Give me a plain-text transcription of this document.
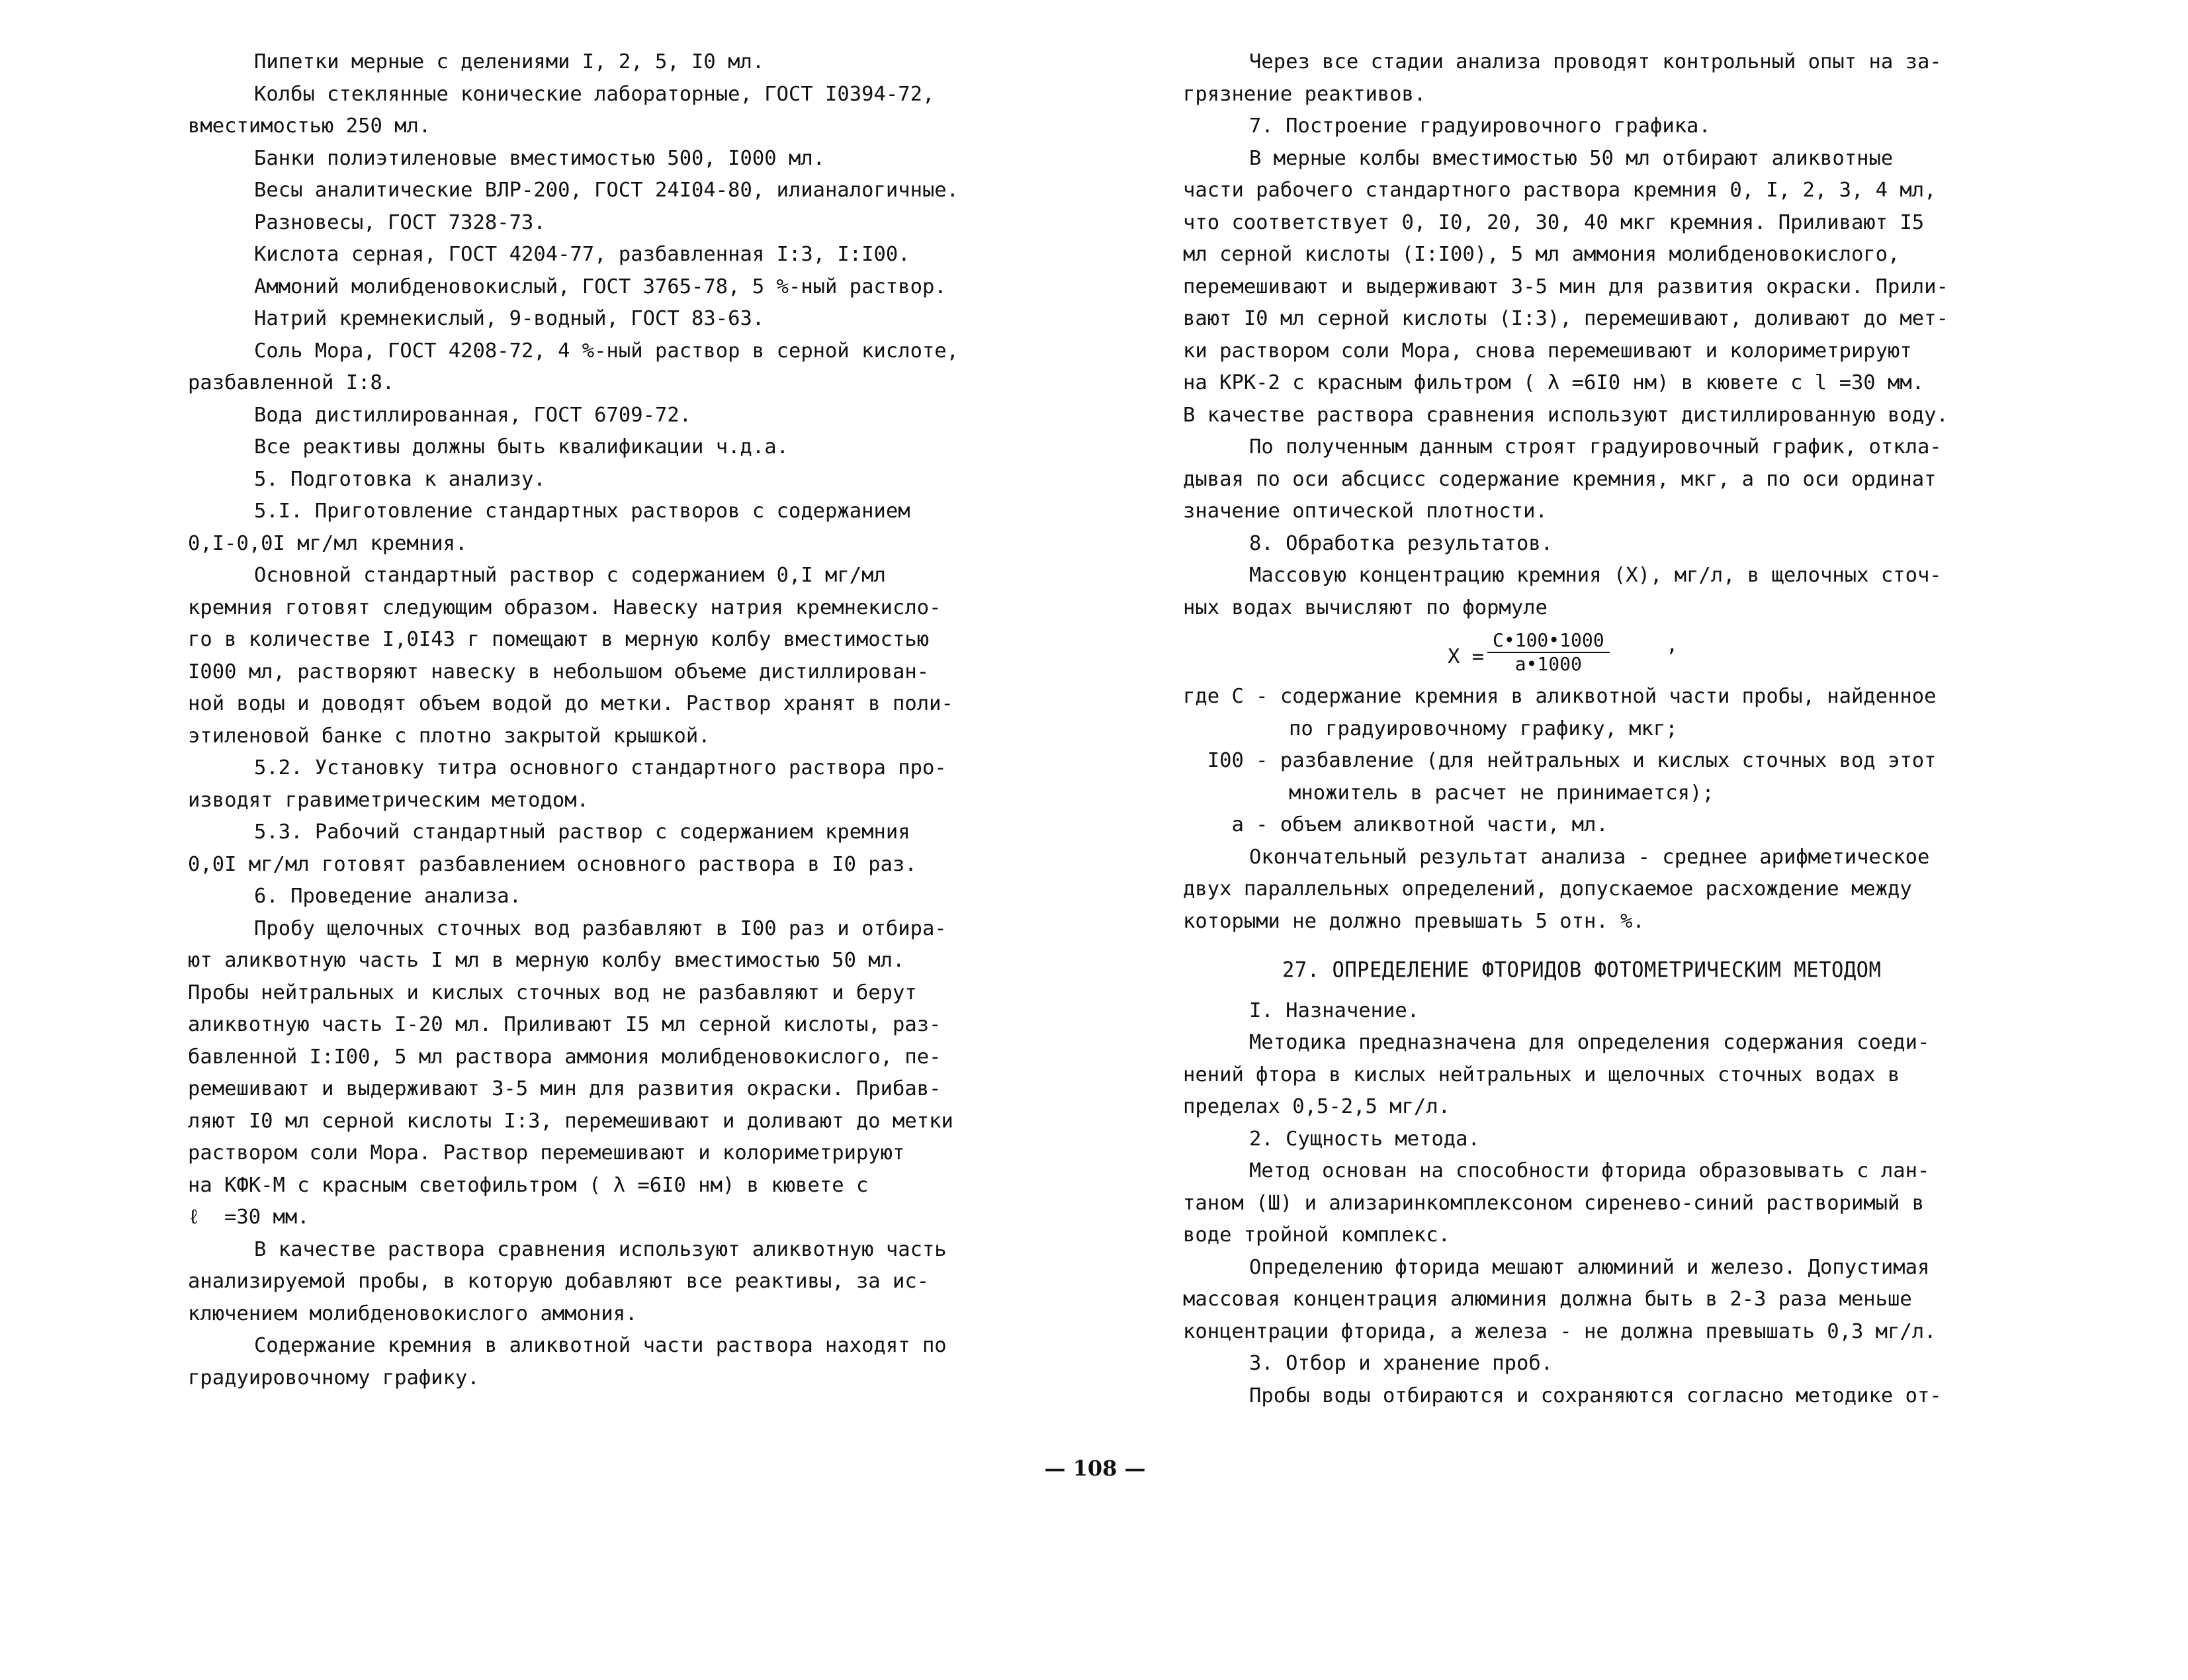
Пипетки мерные с делениями I, 2, 5, I0 мл.
Колбы стеклянные конические лабораторные, ГОСТ I0394-72,
вместимостью 250 мл.
Банки полиэтиленовые вместимостью 500, I000 мл.
Весы аналитические ВЛР-200, ГОСТ 24I04-80, илианалогичные.
Разновесы, ГОСТ 7328-73.
Кислота серная, ГОСТ 4204-77, разбавленная I:3, I:I00.
Аммоний молибденовокислый, ГОСТ 3765-78, 5 %-ный раствор.
Натрий кремнекислый, 9-водный, ГОСТ 83-63.
Соль Мора, ГОСТ 4208-72, 4 %-ный раствор в серной кислоте,
разбавленной I:8.
Вода дистиллированная, ГОСТ 6709-72.
Все реактивы должны быть квалификации ч.д.а.
5. Подготовка к анализу.
5.I. Приготовление стандартных растворов с содержанием
0,I-0,0I мг/мл кремния.
Основной стандартный раствор с содержанием 0,I мг/мл
кремния готовят следующим образом. Навеску натрия кремнекисло-
го в количестве I,0I43 г помещают в мерную колбу вместимостью
I000 мл, растворяют навеску в небольшом объеме дистиллирован-
ной воды и доводят объем водой до метки. Раствор хранят в поли-
этиленовой банке с плотно закрытой крышкой.
5.2. Установку титра основного стандартного раствора про-
изводят гравиметрическим методом.
5.3. Рабочий стандартный раствор с содержанием кремния
0,0I мг/мл готовят разбавлением основного раствора в I0 раз.
6. Проведение анализа.
Пробу щелочных сточных вод разбавляют в I00 раз и отбира-
ют аликвотную часть I мл в мерную колбу вместимостью 50 мл.
Пробы нейтральных и кислых сточных вод не разбавляют и берут
аликвотную часть I-20 мл. Приливают I5 мл серной кислоты, раз-
бавленной I:I00, 5 мл раствора аммония молибденовокислого, пе-
ремешивают и выдерживают 3-5 мин для развития окраски. Прибав-
ляют I0 мл серной кислоты I:3, перемешивают и доливают до метки
раствором соли Мора. Раствор перемешивают и колориметрируют
на КФК-М с красным светофильтром ( λ =6I0 нм) в кювете с
ℓ  =30 мм.
В качестве раствора сравнения используют аликвотную часть
анализируемой пробы, в которую добавляют все реактивы, за ис-
ключением молибденовокислого аммония.
Содержание кремния в аликвотной части раствора находят по
градуировочному графику.
Через все стадии анализа проводят контрольный опыт на за-
грязнение реактивов.
7. Построение градуировочного графика.
В мерные колбы вместимостью 50 мл отбирают аликвотные
части рабочего стандартного раствора кремния 0, I, 2, 3, 4 мл,
что соответствует 0, I0, 20, 30, 40 мкг кремния. Приливают I5
мл серной кислоты (I:I00), 5 мл аммония молибденовокислого,
перемешивают и выдерживают 3-5 мин для развития окраски. Прили-
вают I0 мл серной кислоты (I:3), перемешивают, доливают до мет-
ки раствором соли Мора, снова перемешивают и колориметрируют
на КРК-2 с красным фильтром ( λ =6I0 нм) в кювете с l =30 мм.
В качестве раствора сравнения используют дистиллированную воду.
По полученным данным строят градуировочный график, откла-
дывая по оси абсцисс содержание кремния, мкг, а по оси ординат
значение оптической плотности.
8. Обработка результатов.
Массовую концентрацию кремния (X), мг/л, в щелочных сточ-
ных водах вычисляют по формуле
$X = \frac{C•100•1000}{a•1000}$	,
где C - содержание кремния в аликвотной части пробы, найденное
по градуировочному графику, мкг;
I00 - разбавление (для нейтральных и кислых сточных вод этот
множитель в расчет не принимается);
a - объем аликвотной части, мл.
Окончательный результат анализа - среднее арифметическое
двух параллельных определений, допускаемое расхождение между
которыми не должно превышать 5 отн. %.
27. ОПРЕДЕЛЕНИЕ ФТОРИДОВ ФОТОМЕТРИЧЕСКИМ МЕТОДОМ
I. Назначение.
Методика предназначена для определения содержания соеди-
нений фтора в кислых нейтральных и щелочных сточных водах в
пределах 0,5-2,5 мг/л.
2. Сущность метода.
Метод основан на способности фторида образовывать с лан-
таном (Ш) и ализаринкомплексоном сиренево-синий растворимый в
воде тройной комплекс.
Определению фторида мешают алюминий и железо. Допустимая
массовая концентрация алюминия должна быть в 2-3 раза меньше
концентрации фторида, а железа - не должна превышать 0,3 мг/л.
3. Отбор и хранение проб.
Пробы воды отбираются и сохраняются согласно методике от-
— 108 —
